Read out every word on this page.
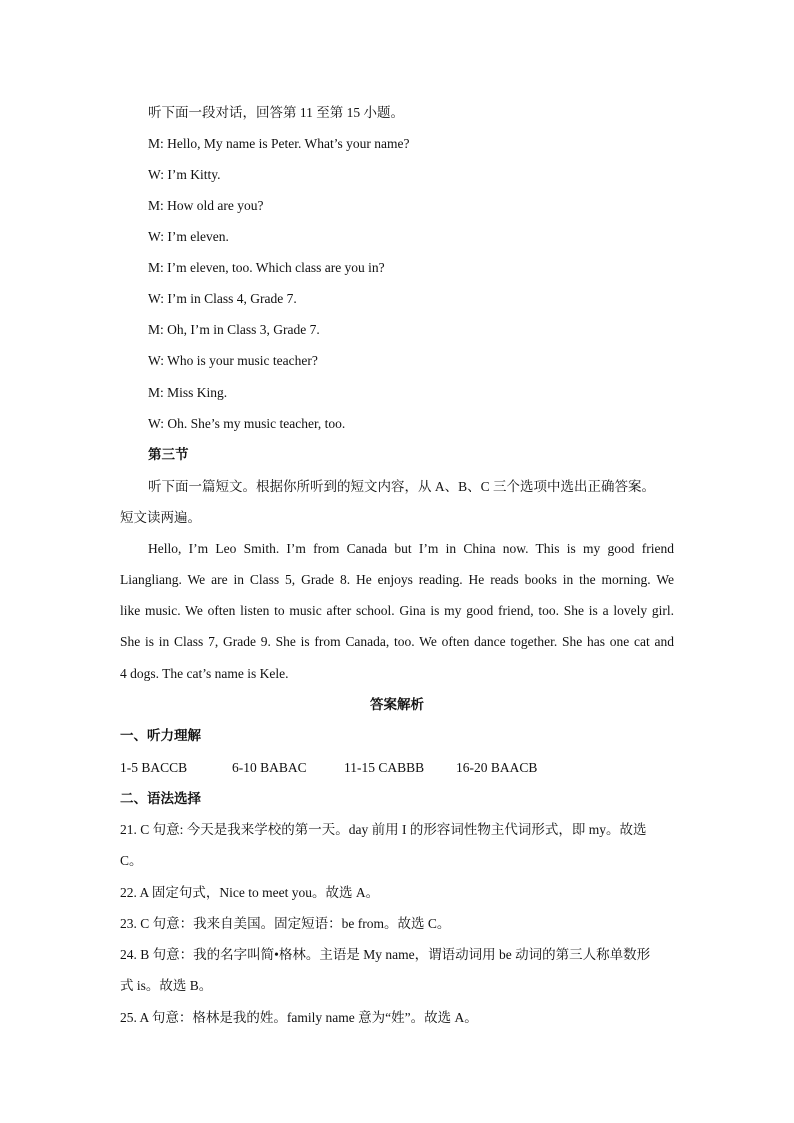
听下面一段对话，回答第 11 至第 15 小题。
M: Hello, My name is Peter. What’s your name?
W: I’m Kitty.
M: How old are you?
W: I’m eleven.
M: I’m eleven, too. Which class are you in?
W: I’m in Class 4, Grade 7.
M: Oh, I’m in Class 3, Grade 7.
W: Who is your music teacher?
M: Miss King.
W: Oh. She’s my music teacher, too.
第三节
听下面一篇短文。根据你所听到的短文内容，从 A、B、C 三个选项中选出正确答案。
短文读两遍。
Hello, I’m Leo Smith. I’m from Canada but I’m in China now. This is my good friend
Liangliang. We are in Class 5, Grade 8. He enjoys reading. He reads books in the morning. We
like music. We often listen to music after school. Gina is my good friend, too. She is a lovely girl.
She is in Class 7, Grade 9. She is from Canada, too. We often dance together. She has one cat and
4 dogs. The cat’s name is Kele.
答案解析
一、听力理解
1-5 BACCB	6-10 BABAC	11-15 CABBB 16-20 BAACB
二、语法选择
21. C 句意: 今天是我来学校的第一天。day 前用 I 的形容词性物主代词形式，即 my。故选
C。
22. A 固定句式，Nice to meet you。故选 A。
23. C 句意：我来自美国。固定短语：be from。故选 C。
24. B 句意：我的名字叫简•格林。主语是 My name，谓语动词用 be 动词的第三人称单数形
式 is。故选 B。
25. A 句意：格林是我的姓。family name 意为“姓”。故选 A。
